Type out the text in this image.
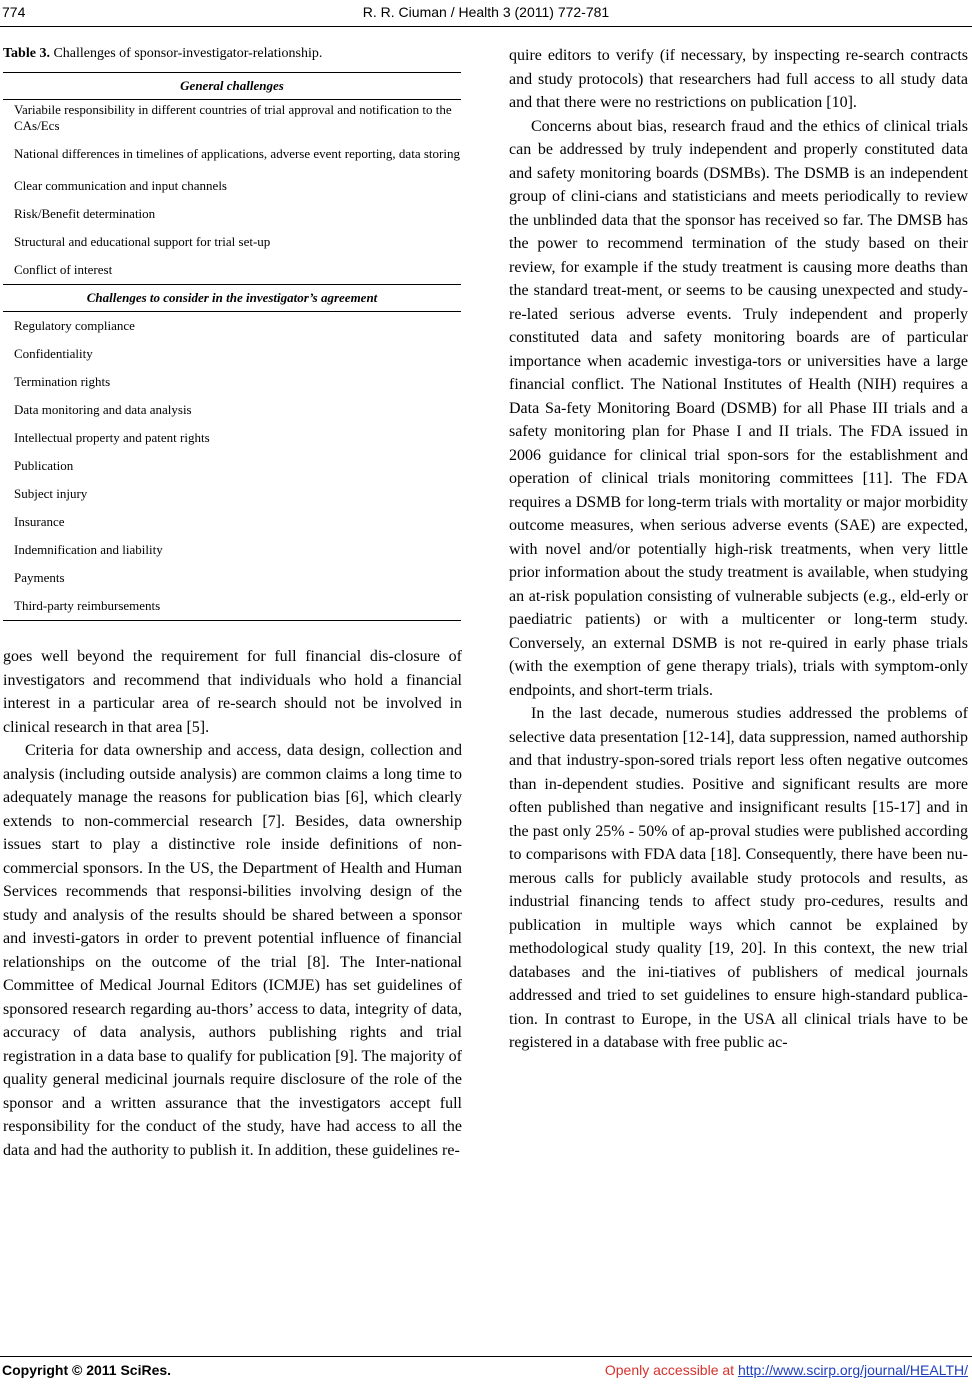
774	R. R. Ciuman / Health 3 (2011) 772-781
Table 3. Challenges of sponsor-investigator-relationship.
General challenges
Variabile responsibility in different countries of trial approval and notification to the CAs/Ecs
National differences in timelines of applications, adverse event reporting, data storing
Clear communication and input channels
Risk/Benefit determination
Structural and educational support for trial set-up
Conflict of interest
Challenges to consider in the investigator’s agreement
Regulatory compliance
Confidentiality
Termination rights
Data monitoring and data analysis
Intellectual property and patent rights
Publication
Subject injury
Insurance
Indemnification and liability
Payments
Third-party reimbursements

goes well beyond the requirement for full financial dis-closure of investigators and recommend that individuals who hold a financial interest in a particular area of re-search should not be involved in clinical research in that area [5].

Criteria for data ownership and access, data design, collection and analysis (including outside analysis) are common claims a long time to adequately manage the reasons for publication bias [6], which clearly extends to non-commercial research [7]. Besides, data ownership issues start to play a distinctive role inside definitions of non-commercial sponsors. In the US, the Department of Health and Human Services recommends that responsi-bilities involving design of the study and analysis of the results should be shared between a sponsor and investi-gators in order to prevent potential influence of financial relationships on the outcome of the trial [8]. The Inter-national Committee of Medical Journal Editors (ICMJE) has set guidelines of sponsored research regarding au-thors’ access to data, integrity of data, accuracy of data analysis, authors publishing rights and trial registration in a data base to qualify for publication [9]. The majority of quality general medicinal journals require disclosure of the role of the sponsor and a written assurance that the investigators accept full responsibility for the conduct of the study, have had access to all the data and had the authority to publish it. In addition, these guidelines re-

quire editors to verify (if necessary, by inspecting re-search contracts and study protocols) that researchers had full access to all study data and that there were no restrictions on publication [10].

Concerns about bias, research fraud and the ethics of clinical trials can be addressed by truly independent and properly constituted data and safety monitoring boards (DSMBs). The DSMB is an independent group of clini-cians and statisticians and meets periodically to review the unblinded data that the sponsor has received so far. The DMSB has the power to recommend termination of the study based on their review, for example if the study treatment is causing more deaths than the standard treat-ment, or seems to be causing unexpected and study-re-lated serious adverse events. Truly independent and properly constituted data and safety monitoring boards are of particular importance when academic investiga-tors or universities have a large financial conflict. The National Institutes of Health (NIH) requires a Data Sa-fety Monitoring Board (DSMB) for all Phase III trials and a safety monitoring plan for Phase I and II trials. The FDA issued in 2006 guidance for clinical trial spon-sors for the establishment and operation of clinical trials monitoring committees [11]. The FDA requires a DSMB for long-term trials with mortality or major morbidity outcome measures, when serious adverse events (SAE) are expected, with novel and/or potentially high-risk treatments, when very little prior information about the study treatment is available, when studying an at-risk population consisting of vulnerable subjects (e.g., eld-erly or paediatric patients) or with a multicenter or long-term study. Conversely, an external DSMB is not re-quired in early phase trials (with the exemption of gene therapy trials), trials with symptom-only endpoints, and short-term trials.

In the last decade, numerous studies addressed the problems of selective data presentation [12-14], data suppression, named authorship and that industry-spon-sored trials report less often negative outcomes than in-dependent studies. Positive and significant results are more often published than negative and insignificant results [15-17] and in the past only 25% - 50% of ap-proval studies were published according to comparisons with FDA data [18]. Consequently, there have been nu-merous calls for publicly available study protocols and results, as industrial financing tends to affect study pro-cedures, results and publication in multiple ways which cannot be explained by methodological study quality [19, 20]. In this context, the new trial databases and the ini-tiatives of publishers of medical journals addressed and tried to set guidelines to ensure high-standard publica-tion. In contrast to Europe, in the USA all clinical trials have to be registered in a database with free public ac-

Copyright © 2011 SciRes.	Openly accessible at http://www.scirp.org/journal/HEALTH/
